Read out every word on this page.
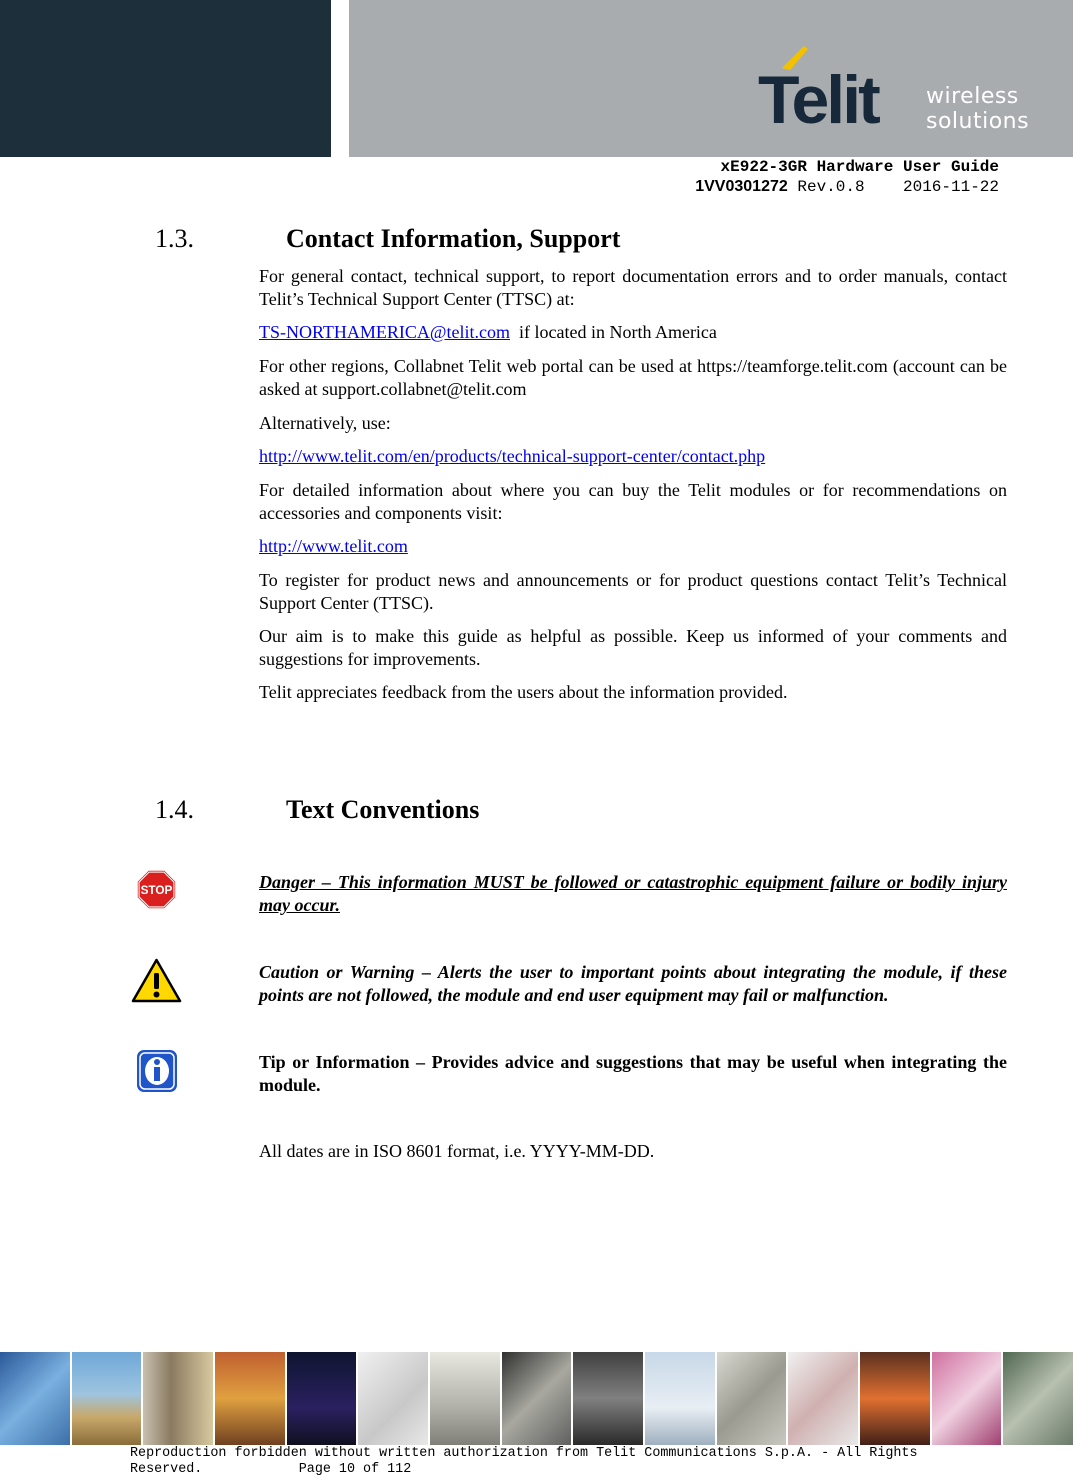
Telit wireless
solutions
xE922-3GR Hardware User Guide
1VV0301272 Rev.0.8    2016-11-22
1.3.	Contact Information, Support
For general contact, technical support, to report documentation errors and to order manuals, contact Telit’s Technical Support Center (TTSC) at:
TS-NORTHAMERICA@telit.com  if located in North America
For other regions, Collabnet Telit web portal can be used at https://teamforge.telit.com (account can be asked at support.collabnet@telit.com
Alternatively, use:
http://www.telit.com/en/products/technical-support-center/contact.php
For detailed information about where you can buy the Telit modules or for recommendations on accessories and components visit:
http://www.telit.com
To register for product news and announcements or for product questions contact Telit’s Technical Support Center (TTSC).
Our aim is to make this guide as helpful as possible. Keep us informed of your comments and suggestions for improvements.
Telit appreciates feedback from the users about the information provided.
1.4.	Text Conventions
STOP	Danger – This information MUST be followed or catastrophic equipment failure or bodily injury may occur.
Caution or Warning – Alerts the user to important points about integrating the module, if these points are not followed, the module and end user equipment may fail or malfunction.
Tip or Information – Provides advice and suggestions that may be useful when integrating the module.
All dates are in ISO 8601 format, i.e. YYYY-MM-DD.
Reproduction forbidden without written authorization from Telit Communications S.p.A. - All Rights
Reserved.            Page 10 of 112
